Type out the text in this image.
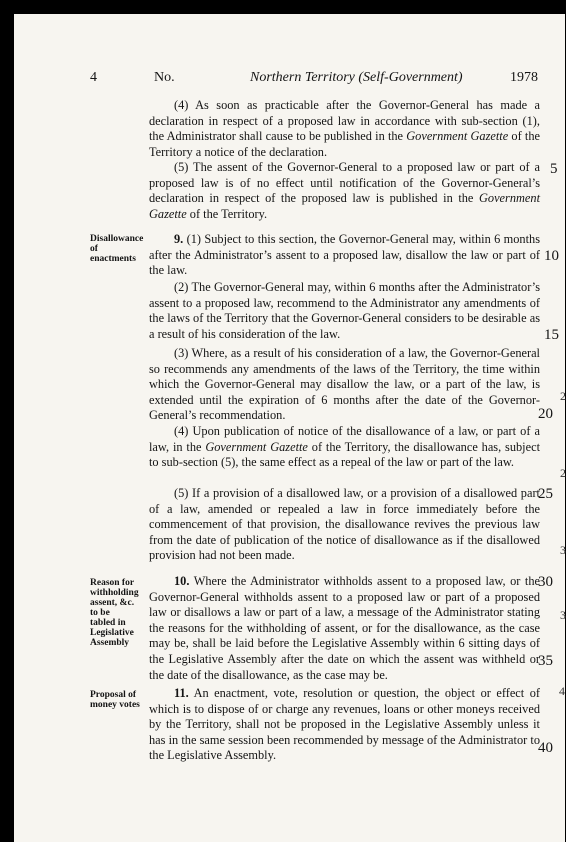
4	No.	Northern Territory (Self-Government)	1978

(4) As soon as practicable after the Governor-General has made a declaration in respect of a proposed law in accordance with sub-section (1), the Administrator shall cause to be published in the Government Gazette of the Territory a notice of the declaration.

(5) The assent of the Governor-General to a proposed law or part of a proposed law is of no effect until notification of the Governor-General’s declaration in respect of the proposed law is published in the Government Gazette of the Territory.

Disallowance
of
enactments

9. (1) Subject to this section, the Governor-General may, within 6 months after the Administrator’s assent to a proposed law, disallow the law or part of the law.

(2) The Governor-General may, within 6 months after the Administrator’s assent to a proposed law, recommend to the Administrator any amendments of the laws of the Territory that the Governor-General considers to be desirable as a result of his consideration of the law.

(3) Where, as a result of his consideration of a law, the Governor-General so recommends any amendments of the laws of the Territory, the time within which the Governor-General may disallow the law, or a part of the law, is extended until the expiration of 6 months after the date of the Governor-General’s recommendation.

(4) Upon publication of notice of the disallowance of a law, or part of a law, in the Government Gazette of the Territory, the disallowance has, subject to sub-section (5), the same effect as a repeal of the law or part of the law.

(5) If a provision of a disallowed law, or a provision of a disallowed part of a law, amended or repealed a law in force immediately before the commencement of that provision, the disallowance revives the previous law from the date of publication of the notice of disallowance as if the disallowed provision had not been made.

Reason for
withholding
assent, &c.
to be
tabled in
Legislative
Assembly

10. Where the Administrator withholds assent to a proposed law, or the Governor-General withholds assent to a proposed law or part of a proposed law or disallows a law or part of a law, a message of the Administrator stating the reasons for the withholding of assent, or for the disallowance, as the case may be, shall be laid before the Legislative Assembly within 6 sitting days of the Legislative Assembly after the date on which the assent was withheld or the date of the disallowance, as the case may be.

Proposal of
money votes

11. An enactment, vote, resolution or question, the object or effect of which is to dispose of or charge any revenues, loans or other moneys received by the Territory, shall not be proposed in the Legislative Assembly unless it has in the same session been recommended by message of the Administrator to the Legislative Assembly.

5
10
15
20
25
30
35
40
2
2
3
3
4
